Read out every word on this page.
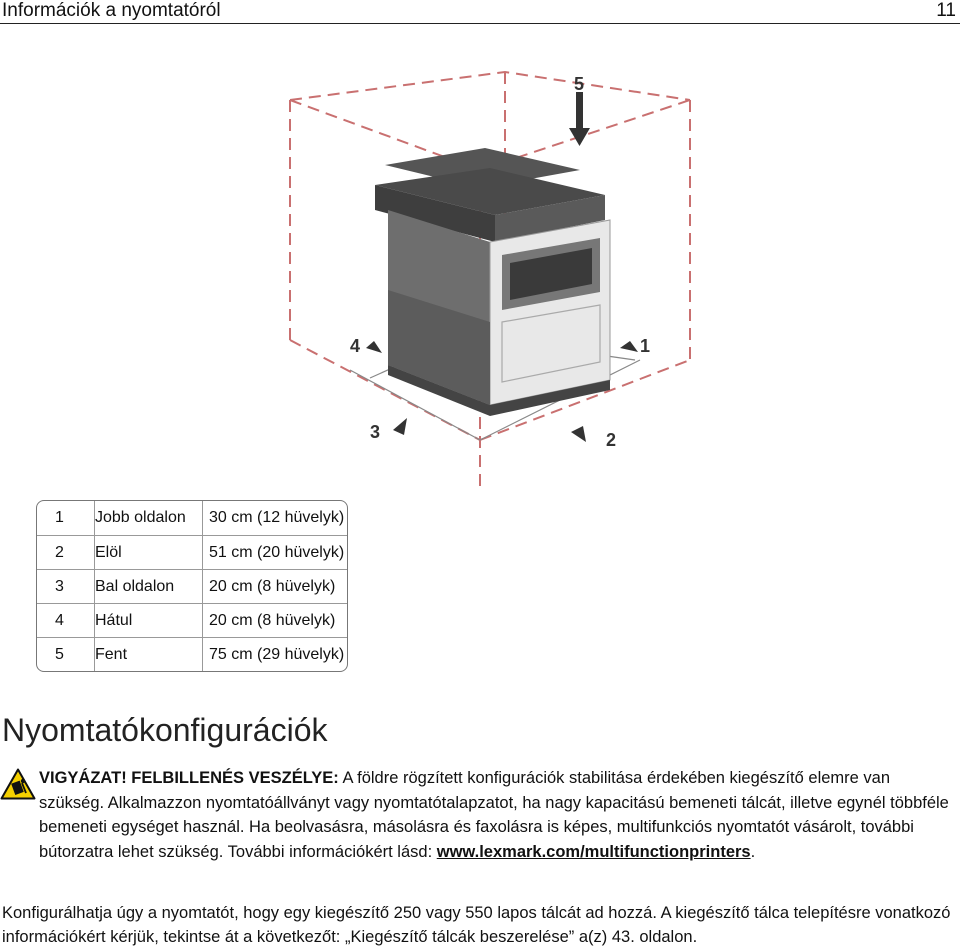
Információk a nyomtatóról	11
5
1
4
3	2
1	Jobb oldalon	30 cm (12 hüvelyk)
2	Elöl	51 cm (20 hüvelyk)
3	Bal oldalon	20 cm (8 hüvelyk)
4	Hátul	20 cm (8 hüvelyk)
5	Fent	75 cm (29 hüvelyk)
Nyomtatókonfigurációk

VIGYÁZAT! FELBILLENÉS VESZÉLYE: A földre rögzített konfigurációk stabilitása érdekében kiegészítő elemre van szükség. Alkalmazzon nyomtatóállványt vagy nyomtatótalapzatot, ha nagy kapacitású bemeneti tálcát, illetve egynél többféle bemeneti egységet használ. Ha beolvasásra, másolásra és faxolásra is képes, multifunkciós nyomtatót vásárolt, további bútorzatra lehet szükség. További információkért lásd: www.lexmark.com/multifunctionprinters.

Konfigurálhatja úgy a nyomtatót, hogy egy kiegészítő 250 vagy 550 lapos tálcát ad hozzá. A kiegészítő tálca telepítésre vonatkozó információkért kérjük, tekintse át a következőt: „Kiegészítő tálcák beszerelése” a(z) 43. oldalon.
